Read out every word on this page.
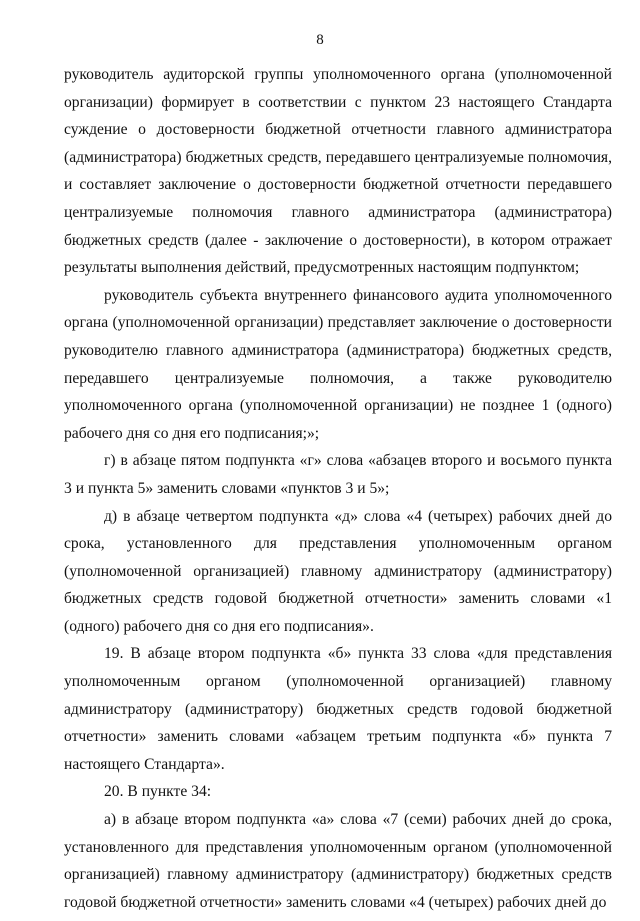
8

руководитель аудиторской группы уполномоченного органа (уполномоченной организации) формирует в соответствии с пунктом 23 настоящего Стандарта суждение о достоверности бюджетной отчетности главного администратора (администратора) бюджетных средств, передавшего централизуемые полномочия, и составляет заключение о достоверности бюджетной отчетности передавшего централизуемые полномочия главного администратора (администратора) бюджетных средств (далее - заключение о достоверности), в котором отражает результаты выполнения действий, предусмотренных настоящим подпунктом;

руководитель субъекта внутреннего финансового аудита уполномоченного органа (уполномоченной организации) представляет заключение о достоверности руководителю главного администратора (администратора) бюджетных средств, передавшего централизуемые полномочия, а также руководителю уполномоченного органа (уполномоченной организации) не позднее 1 (одного) рабочего дня со дня его подписания;»;

г) в абзаце пятом подпункта «г» слова «абзацев второго и восьмого пункта 3 и пункта 5» заменить словами «пунктов 3 и 5»;

д) в абзаце четвертом подпункта «д» слова «4 (четырех) рабочих дней до срока, установленного для представления уполномоченным органом (уполномоченной организацией) главному администратору (администратору) бюджетных средств годовой бюджетной отчетности» заменить словами «1 (одного) рабочего дня со дня его подписания».

19. В абзаце втором подпункта «б» пункта 33 слова «для представления уполномоченным органом (уполномоченной организацией) главному администратору (администратору) бюджетных средств годовой бюджетной отчетности» заменить словами «абзацем третьим подпункта «б» пункта 7 настоящего Стандарта».

20. В пункте 34:

а) в абзаце втором подпункта «а» слова «7 (семи) рабочих дней до срока, установленного для представления уполномоченным органом (уполномоченной организацией) главному администратору (администратору) бюджетных средств годовой бюджетной отчетности» заменить словами «4 (четырех) рабочих дней до
